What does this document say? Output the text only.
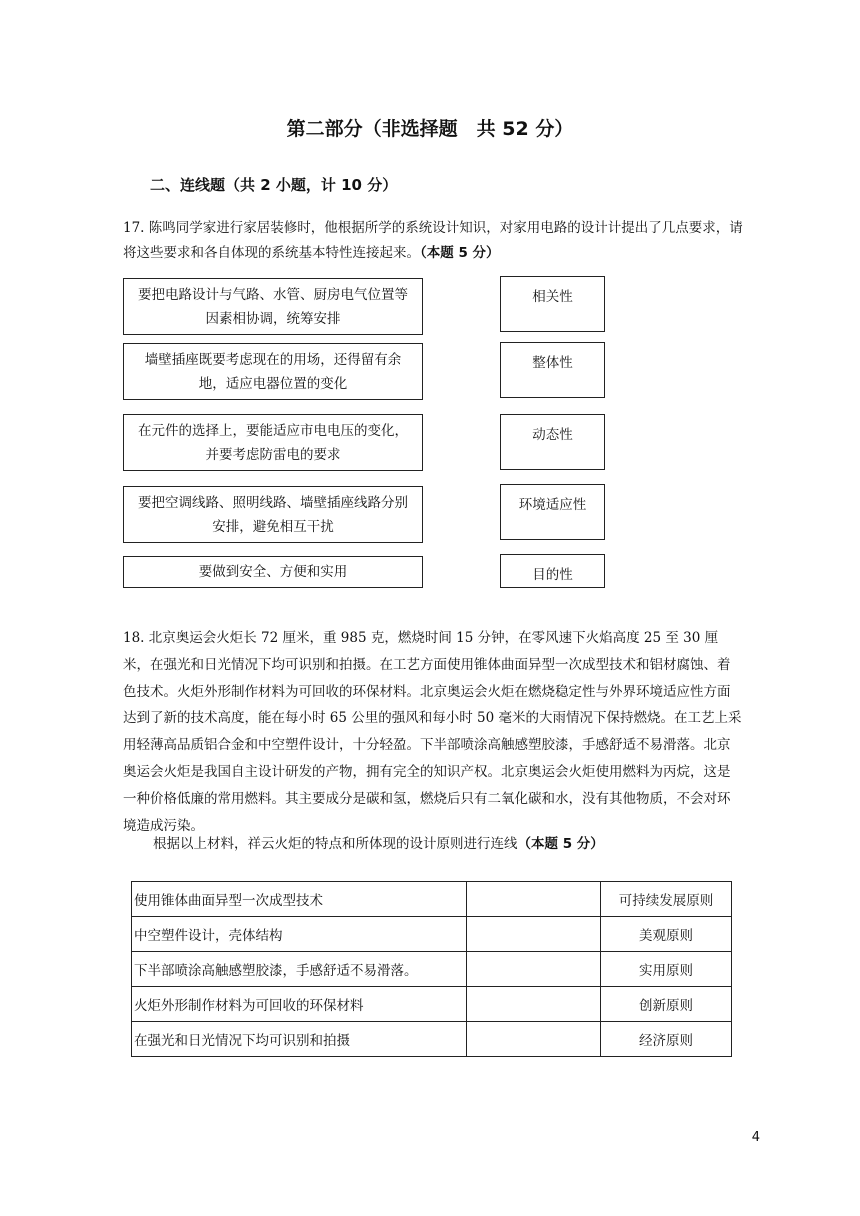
第二部分（非选择题　共 52 分）
二、连线题（共 2 小题，计 10 分）
17. 陈鸣同学家进行家居装修时，他根据所学的系统设计知识，对家用电路的设计计提出了几点要求，请将这些要求和各自体现的系统基本特性连接起来。（本题 5 分）
要把电路设计与气路、水管、厨房电气位置等因素相协调，统筹安排
墙壁插座既要考虑现在的用场，还得留有余地，适应电器位置的变化
在元件的选择上，要能适应市电电压的变化，并要考虑防雷电的要求
要把空调线路、照明线路、墙壁插座线路分别安排，避免相互干扰
要做到安全、方便和实用
相关性
整体性
动态性
环境适应性
目的性
18. 北京奥运会火炬长 72 厘米，重 985 克，燃烧时间 15 分钟，在零风速下火焰高度 25 至 30 厘米，在强光和日光情况下均可识别和拍摄。在工艺方面使用锥体曲面异型一次成型技术和铝材腐蚀、着色技术。火炬外形制作材料为可回收的环保材料。北京奥运会火炬在燃烧稳定性与外界环境适应性方面达到了新的技术高度，能在每小时 65 公里的强风和每小时 50 毫米的大雨情况下保持燃烧。在工艺上采用轻薄高品质铝合金和中空塑件设计，十分轻盈。下半部喷涂高触感塑胶漆，手感舒适不易滑落。北京奥运会火炬是我国自主设计研发的产物，拥有完全的知识产权。北京奥运会火炬使用燃料为丙烷，这是一种价格低廉的常用燃料。其主要成分是碳和氢，燃烧后只有二氧化碳和水，没有其他物质，不会对环境造成污染。
根据以上材料，祥云火炬的特点和所体现的设计原则进行连线（本题 5 分）
使用锥体曲面异型一次成型技术		可持续发展原则
中空塑件设计，壳体结构		美观原则
下半部喷涂高触感塑胶漆，手感舒适不易滑落。		实用原则
火炬外形制作材料为可回收的环保材料		创新原则
在强光和日光情况下均可识别和拍摄		经济原则
4
